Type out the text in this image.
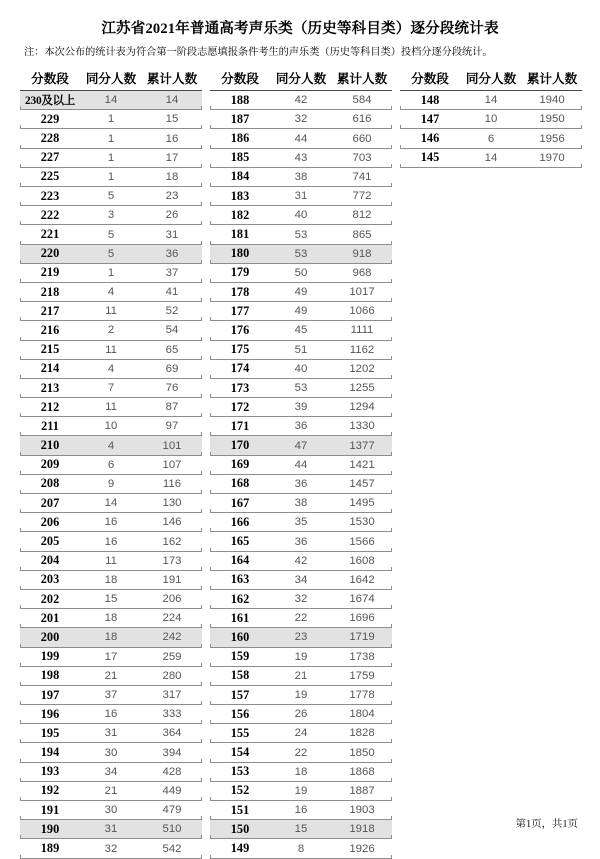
江苏省2021年普通高考声乐类（历史等科目类）逐分段统计表

注：本次公布的统计表为符合第一阶段志愿填报条件考生的声乐类（历史等科目类）投档分逐分段统计。

分数段	同分人数 累计人数
230及以上	14	14
229	1	15
228	1	16
227	1	17
225	1	18
223	5	23
222	3	26
221	5	31
220	5	36
219	1	37
218	4	41
217	11	52
216	2	54
215	11	65
214	4	69
213	7	76
212	11	87
211	10	97
210	4	101
209	6	107
208	9	116
207	14	130
206	16	146
205	16	162
204	11	173
203	18	191
202	15	206
201	18	224
200	18	242
199	17	259
198	21	280
197	37	317
196	16	333
195	31	364
194	30	394
193	34	428
192	21	449
191	30	479
190	31	510
189	32	542
分数段	同分人数 累计人数
188	42	584
187	32	616
186	44	660
185	43	703
184	38	741
183	31	772
182	40	812
181	53	865
180	53	918
179	50	968
178	49	1017
177	49	1066
176	45	1111
175	51	1162
174	40	1202
173	53	1255
172	39	1294
171	36	1330
170	47	1377
169	44	1421
168	36	1457
167	38	1495
166	35	1530
165	36	1566
164	42	1608
163	34	1642
162	32	1674
161	22	1696
160	23	1719
159	19	1738
158	21	1759
157	19	1778
156	26	1804
155	24	1828
154	22	1850
153	18	1868
152	19	1887
151	16	1903
150	15	1918
149	8	1926
分数段	同分人数 累计人数
148	14	1940
147	10	1950
146	6	1956
145	14	1970
第1页，共1页
